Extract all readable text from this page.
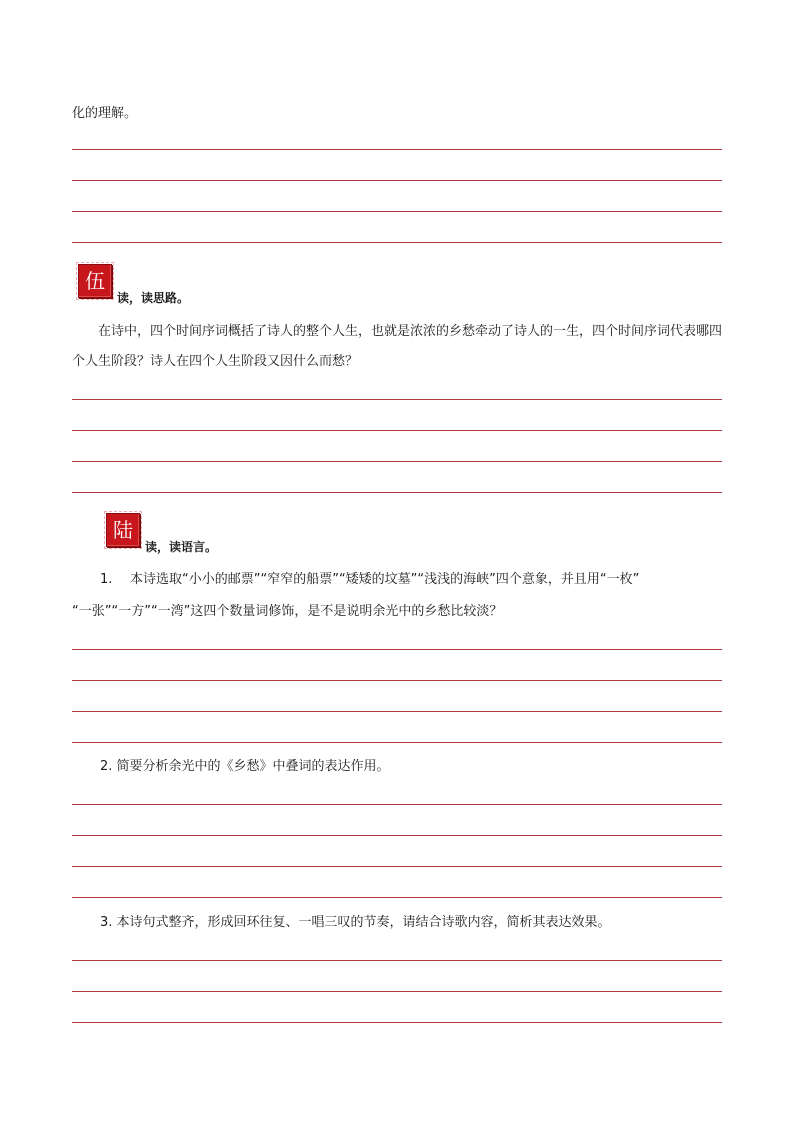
化的理解。
伍
读，读思路。
在诗中，四个时间序词概括了诗人的整个人生，也就是浓浓的乡愁牵动了诗人的一生，四个时间序词代表哪四个人生阶段？诗人在四个人生阶段又因什么而愁？
陆
读，读语言。
1. 本诗选取“小小的邮票”“窄窄的船票”“矮矮的坟墓”“浅浅的海峡”四个意象，并且用“一枚”
“一张”“一方”“一湾”这四个数量词修饰，是不是说明余光中的乡愁比较淡？
2. 简要分析余光中的《乡愁》中叠词的表达作用。
3. 本诗句式整齐，形成回环往复、一唱三叹的节奏，请结合诗歌内容，简析其表达效果。
